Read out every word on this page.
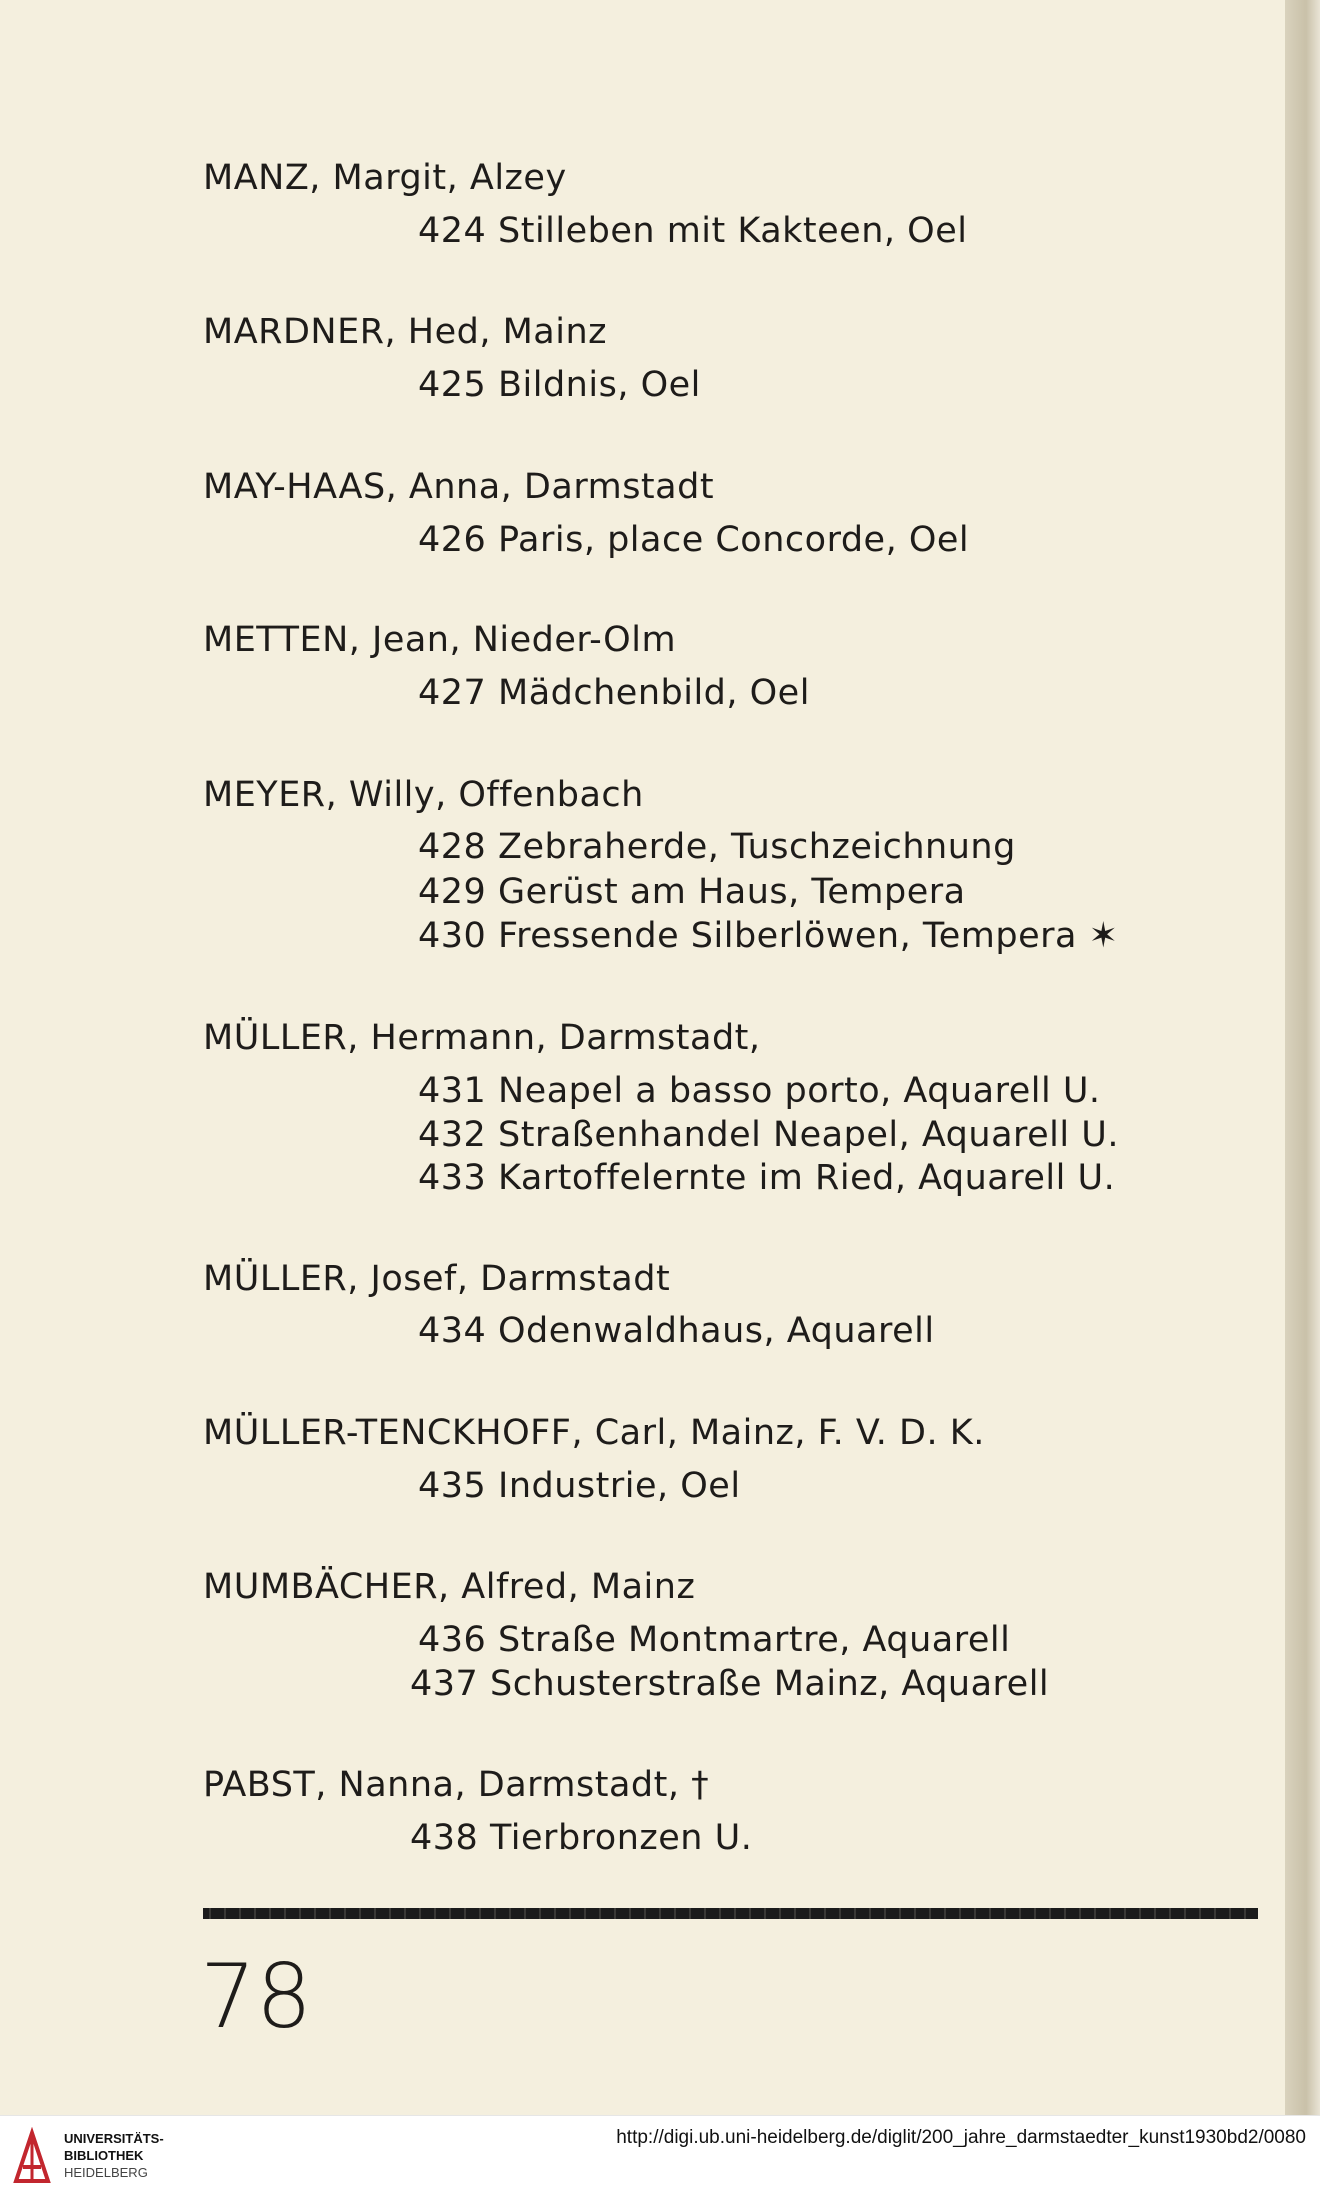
MANZ, Margit, Alzey
424 Stilleben mit Kakteen, Oel
MARDNER, Hed, Mainz
425 Bildnis, Oel
MAY-HAAS, Anna, Darmstadt
426 Paris, place Concorde, Oel
METTEN, Jean, Nieder-Olm
427 Mädchenbild, Oel
MEYER, Willy, Offenbach
428 Zebraherde, Tuschzeichnung
429 Gerüst am Haus, Tempera
430 Fressende Silberlöwen, Tempera ✶
MÜLLER, Hermann, Darmstadt,
431 Neapel a basso porto, Aquarell U.
432 Straßenhandel Neapel, Aquarell U.
433 Kartoffelernte im Ried, Aquarell U.
MÜLLER, Josef, Darmstadt
434 Odenwaldhaus, Aquarell
MÜLLER-TENCKHOFF, Carl, Mainz, F. V. D. K.
435 Industrie, Oel
MUMBÄCHER, Alfred, Mainz
436 Straße Montmartre, Aquarell
437 Schusterstraße Mainz, Aquarell
PABST, Nanna, Darmstadt, †
438 Tierbronzen U.
78
UNIVERSITÄTS-
BIBLIOTHEK
HEIDELBERG
http://digi.ub.uni-heidelberg.de/diglit/200_jahre_darmstaedter_kunst1930bd2/0080
